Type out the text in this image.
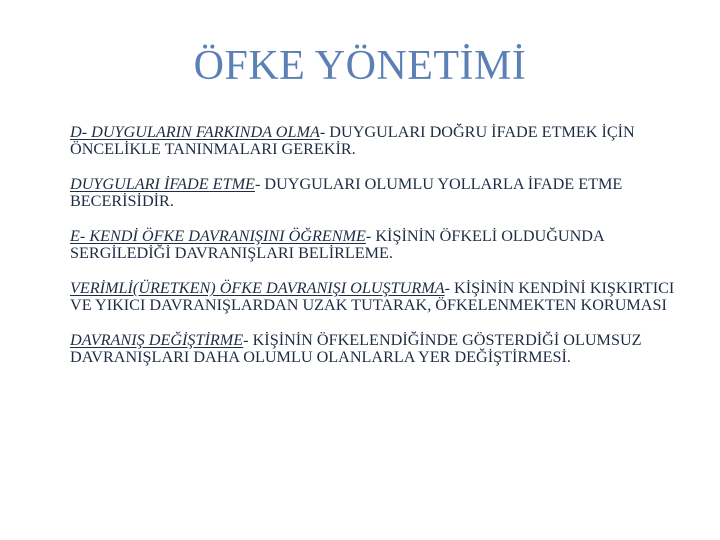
ÖFKE YÖNETİMİ

D- DUYGULARIN FARKINDA OLMA- DUYGULARI DOĞRU İFADE ETMEK İÇİN ÖNCELİKLE TANINMALARI GEREKİR.

DUYGULARI İFADE ETME- DUYGULARI OLUMLU YOLLARLA İFADE ETME BECERİSİDİR.

E- KENDİ ÖFKE DAVRANIŞINI ÖĞRENME- KİŞİNİN ÖFKELİ OLDUĞUNDA SERGİLEDİĞİ DAVRANIŞLARI BELİRLEME.

VERİMLİ(ÜRETKEN) ÖFKE DAVRANIŞI OLUŞTURMA- KİŞİNİN KENDİNİ KIŞKIRTICI VE YIKICI DAVRANIŞLARDAN UZAK TUTARAK, ÖFKELENMEKTEN KORUMASI

DAVRANIŞ DEĞİŞTİRME- KİŞİNİN ÖFKELENDİĞİNDE GÖSTERDİĞİ OLUMSUZ DAVRANIŞLARI DAHA OLUMLU OLANLARLA YER DEĞİŞTİRMESİ.
